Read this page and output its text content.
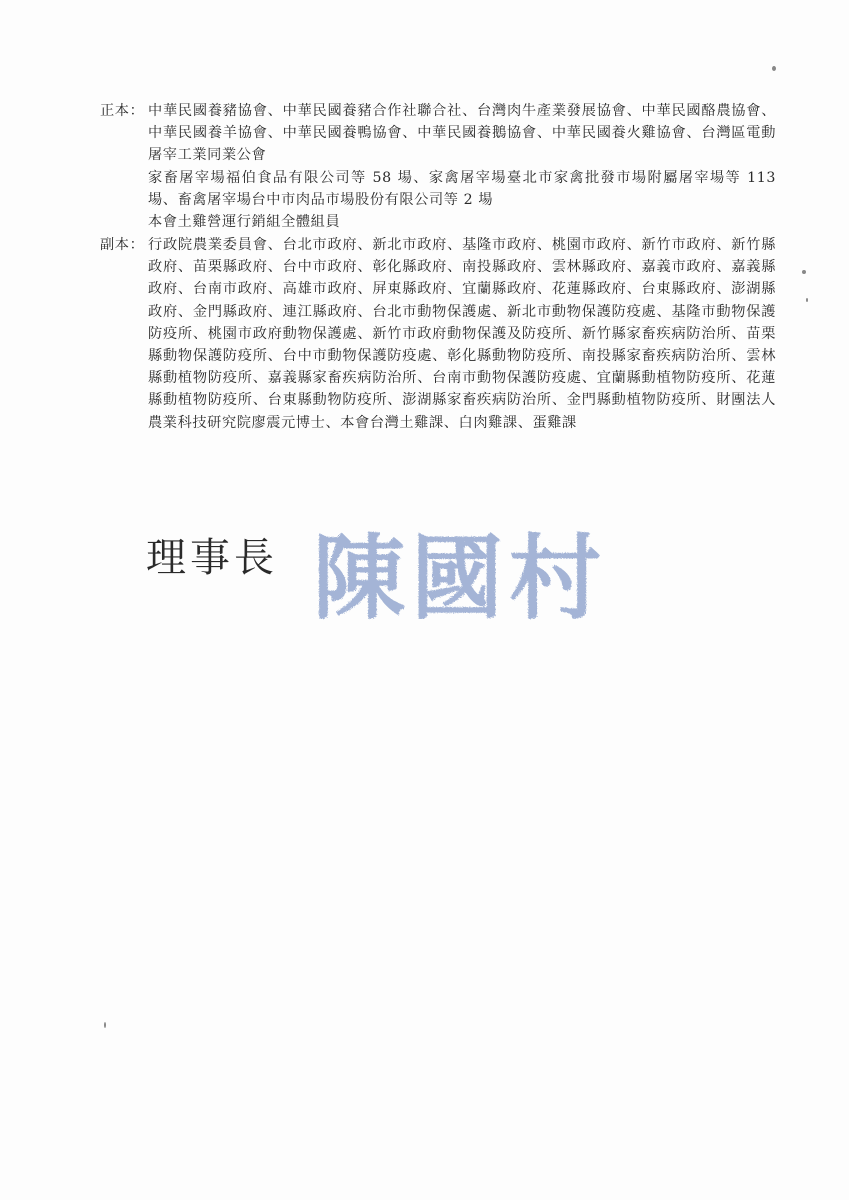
正本： 中華民國養豬協會、中華民國養豬合作社聯合社、台灣肉牛產業發展協會、中華民國酪農協會、中華民國養羊協會、中華民國養鴨協會、中華民國養鵝協會、中華民國養火雞協會、台灣區電動屠宰工業同業公會
家畜屠宰場福伯食品有限公司等 58 場、家禽屠宰場臺北市家禽批發市場附屬屠宰場等 113 場、畜禽屠宰場台中市肉品市場股份有限公司等 2 場
本會土雞營運行銷組全體組員
副本： 行政院農業委員會、台北市政府、新北市政府、基隆市政府、桃園市政府、新竹市政府、新竹縣政府、苗栗縣政府、台中市政府、彰化縣政府、南投縣政府、雲林縣政府、嘉義市政府、嘉義縣政府、台南市政府、高雄市政府、屏東縣政府、宜蘭縣政府、花蓮縣政府、台東縣政府、澎湖縣政府、金門縣政府、連江縣政府、台北市動物保護處、新北市動物保護防疫處、基隆市動物保護防疫所、桃園市政府動物保護處、新竹市政府動物保護及防疫所、新竹縣家畜疾病防治所、苗栗縣動物保護防疫所、台中市動物保護防疫處、彰化縣動物防疫所、南投縣家畜疾病防治所、雲林縣動植物防疫所、嘉義縣家畜疾病防治所、台南市動物保護防疫處、宜蘭縣動植物防疫所、花蓮縣動植物防疫所、台東縣動物防疫所、澎湖縣家畜疾病防治所、金門縣動植物防疫所、財團法人農業科技研究院廖震元博士、本會台灣土雞課、白肉雞課、蛋雞課
理事長 陳國村
